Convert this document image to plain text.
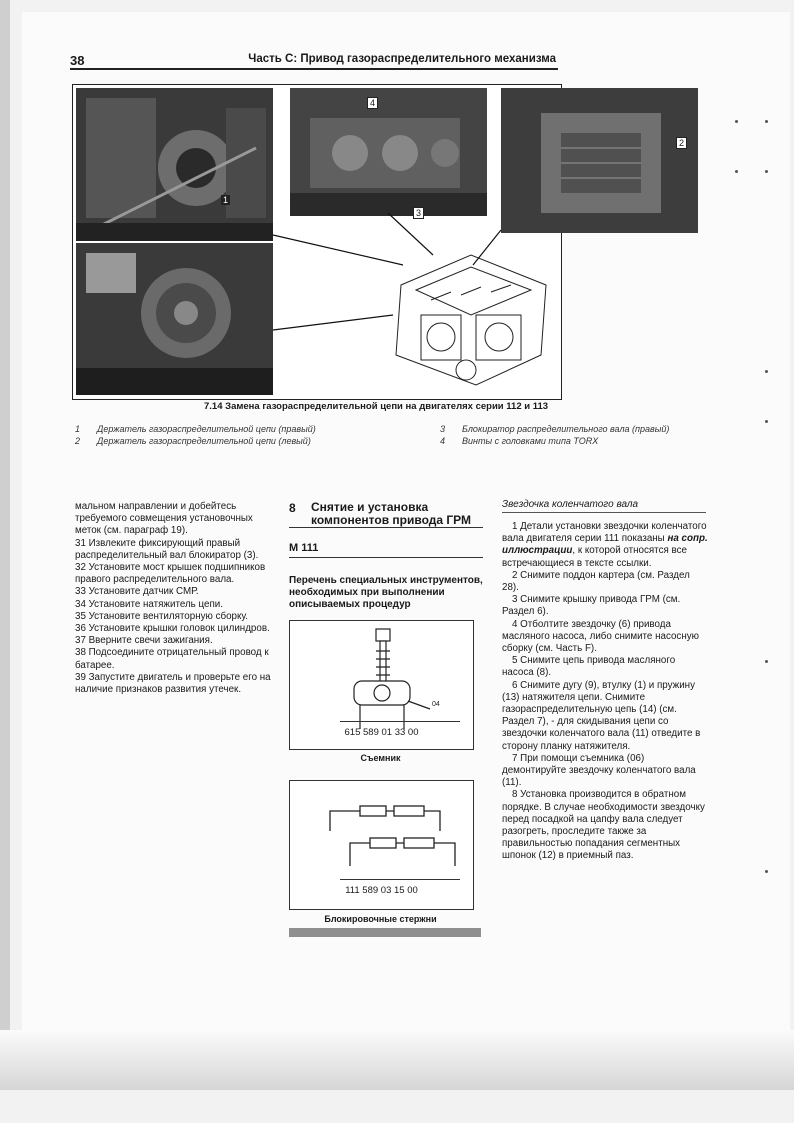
38	Часть С: Привод газораспределительного механизма
1
4
3
2
7.14 Замена газораспределительной цепи на двигателях серии 112 и 113
1 Держатель газораспределительной цепи (правый)
2 Держатель газораспределительной цепи (левый)
3 Блокиратор распределительного вала (правый)
4 Винты с головками типа TORX

мальном направлении и добейтесь требуемого совмещения установочных меток (см. параграф 19).

31 Извлеките фиксирующий правый распределительный вал блокиратор (3).

32 Установите мост крышек подшипников правого распределительного вала.

33 Установите датчик СМР.

34 Установите натяжитель цепи.

35 Установите вентиляторную сборку.

36 Установите крышки головок цилиндров.

37 Вверните свечи зажигания.

38 Подсоедините отрицательный провод к батарее.

39 Запустите двигатель и проверьте его на наличие признаков развития утечек.

8 Снятие и установка компонентов привода ГРМ
M 111
Перечень специальных инструментов, необходимых при выполнении описываемых процедур
04
615 589 01 33 00
Съемник
111 589 03 15 00
Блокировочные стержни
Звездочка коленчатого вала

1 Детали установки звездочки коленчатого вала двигателя серии 111 показаны на сопр. иллюстрации, к которой относятся все встречающиеся в тексте ссылки.

2 Снимите поддон картера (см. Раздел 28).

3 Снимите крышку привода ГРМ (см. Раздел 6).

4 Отболтите звездочку (6) привода масляного насоса, либо снимите насосную сборку (см. Часть F).

5 Снимите цепь привода масляного насоса (8).

6 Снимите дугу (9), втулку (1) и пружину (13) натяжителя цепи. Снимите газораспределительную цепь (14) (см. Раздел 7), - для скидывания цепи со звездочки коленчатого вала (11) отведите в сторону планку натяжителя.

7 При помощи съемника (06) демонтируйте звездочку коленчатого вала (11).

8 Установка производится в обратном порядке. В случае необходимости звездочку перед посадкой на цапфу вала следует разогреть, проследите также за правильностью попадания сегментных шпонок (12) в приемный паз.
